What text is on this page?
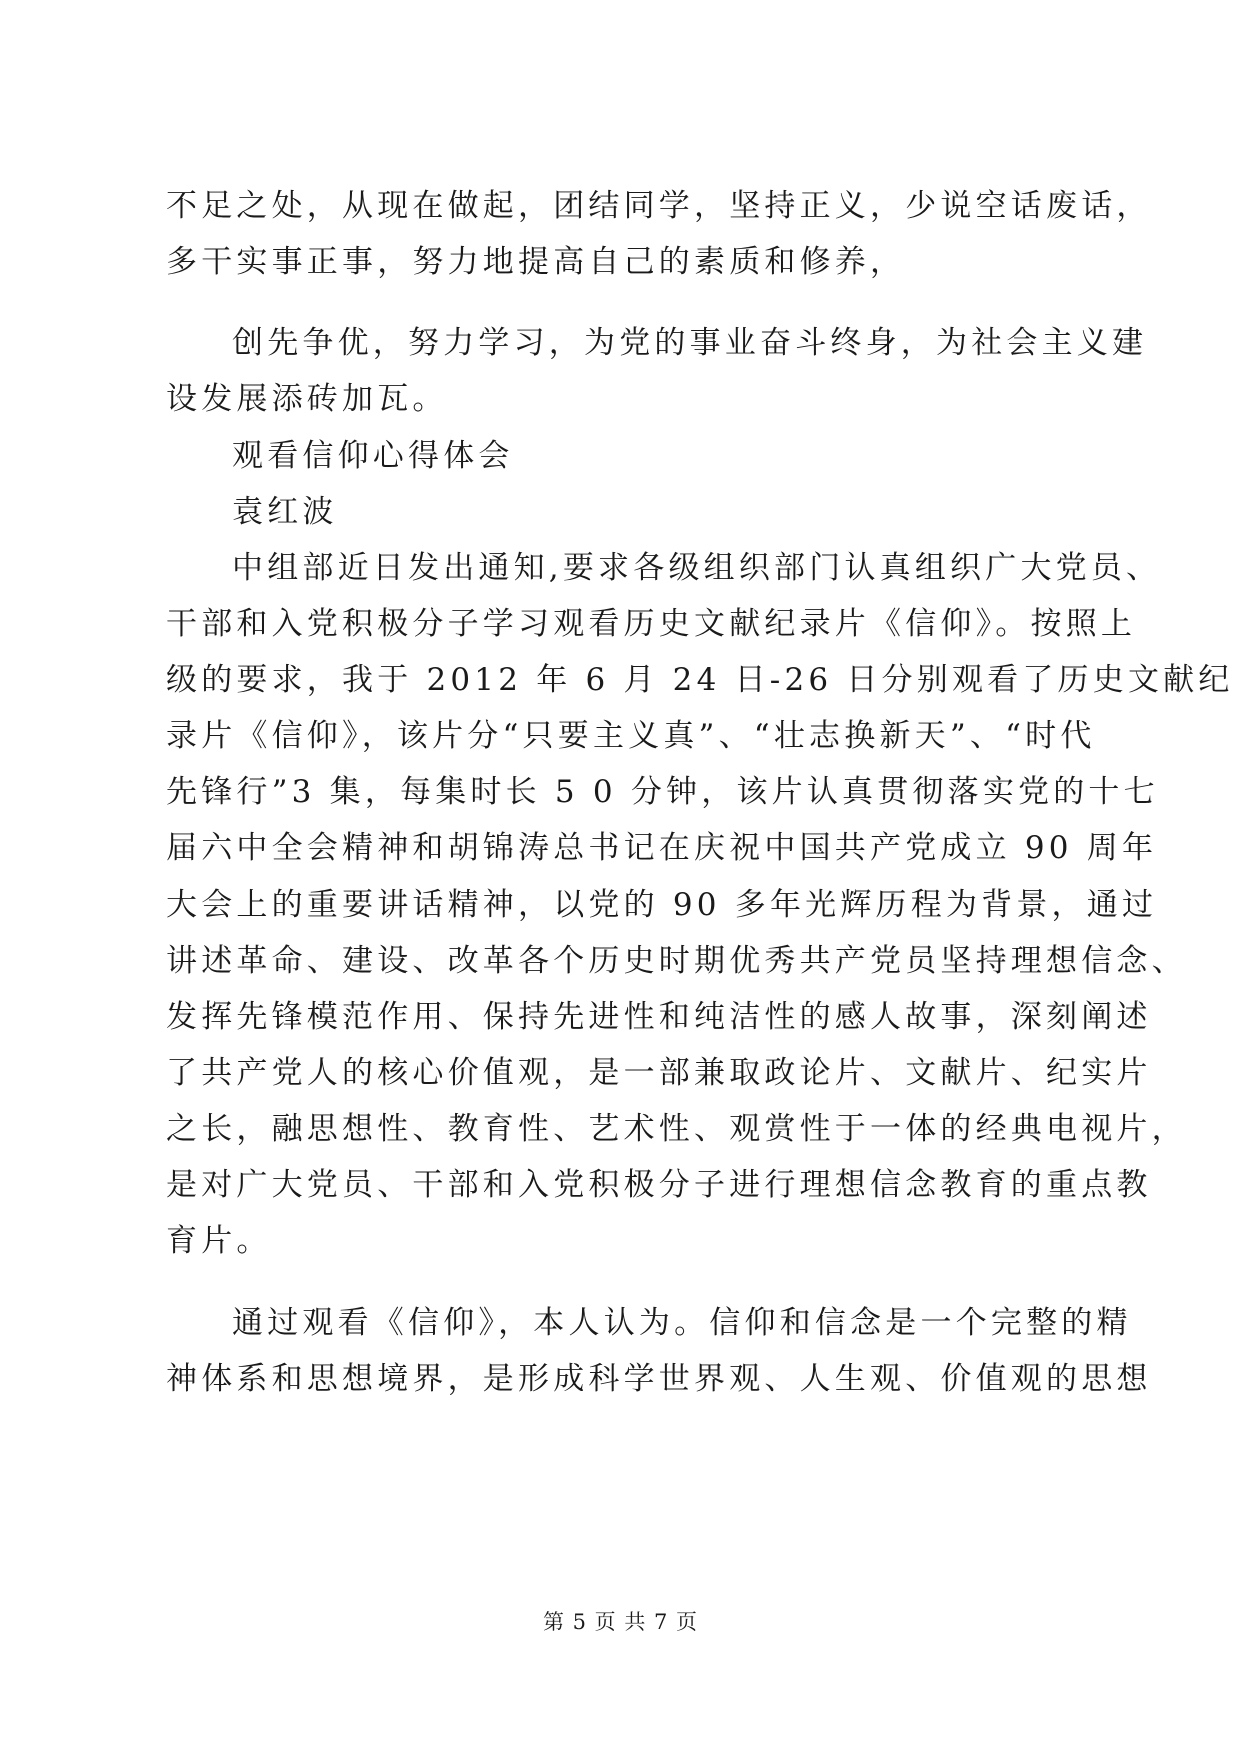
不足之处，从现在做起，团结同学，坚持正义，少说空话废话，
多干实事正事，努力地提高自己的素质和修养，
创先争优，努力学习，为党的事业奋斗终身，为社会主义建
设发展添砖加瓦。
观看信仰心得体会
袁红波
中组部近日发出通知,要求各级组织部门认真组织广大党员、
干部和入党积极分子学习观看历史文献纪录片《信仰》。按照上
级的要求，我于 2012 年 6 月 24 日-26 日分别观看了历史文献纪
录片《信仰》，该片分“只要主义真”、“壮志换新天”、“时代
先锋行”3 集，每集时长 5 0 分钟，该片认真贯彻落实党的十七
届六中全会精神和胡锦涛总书记在庆祝中国共产党成立 90 周年
大会上的重要讲话精神，以党的 90 多年光辉历程为背景，通过
讲述革命、建设、改革各个历史时期优秀共产党员坚持理想信念、
发挥先锋模范作用、保持先进性和纯洁性的感人故事，深刻阐述
了共产党人的核心价值观，是一部兼取政论片、文献片、纪实片
之长，融思想性、教育性、艺术性、观赏性于一体的经典电视片，
是对广大党员、干部和入党积极分子进行理想信念教育的重点教
育片。
通过观看《信仰》，本人认为。信仰和信念是一个完整的精
神体系和思想境界，是形成科学世界观、人生观、价值观的思想
第 5 页 共 7 页
